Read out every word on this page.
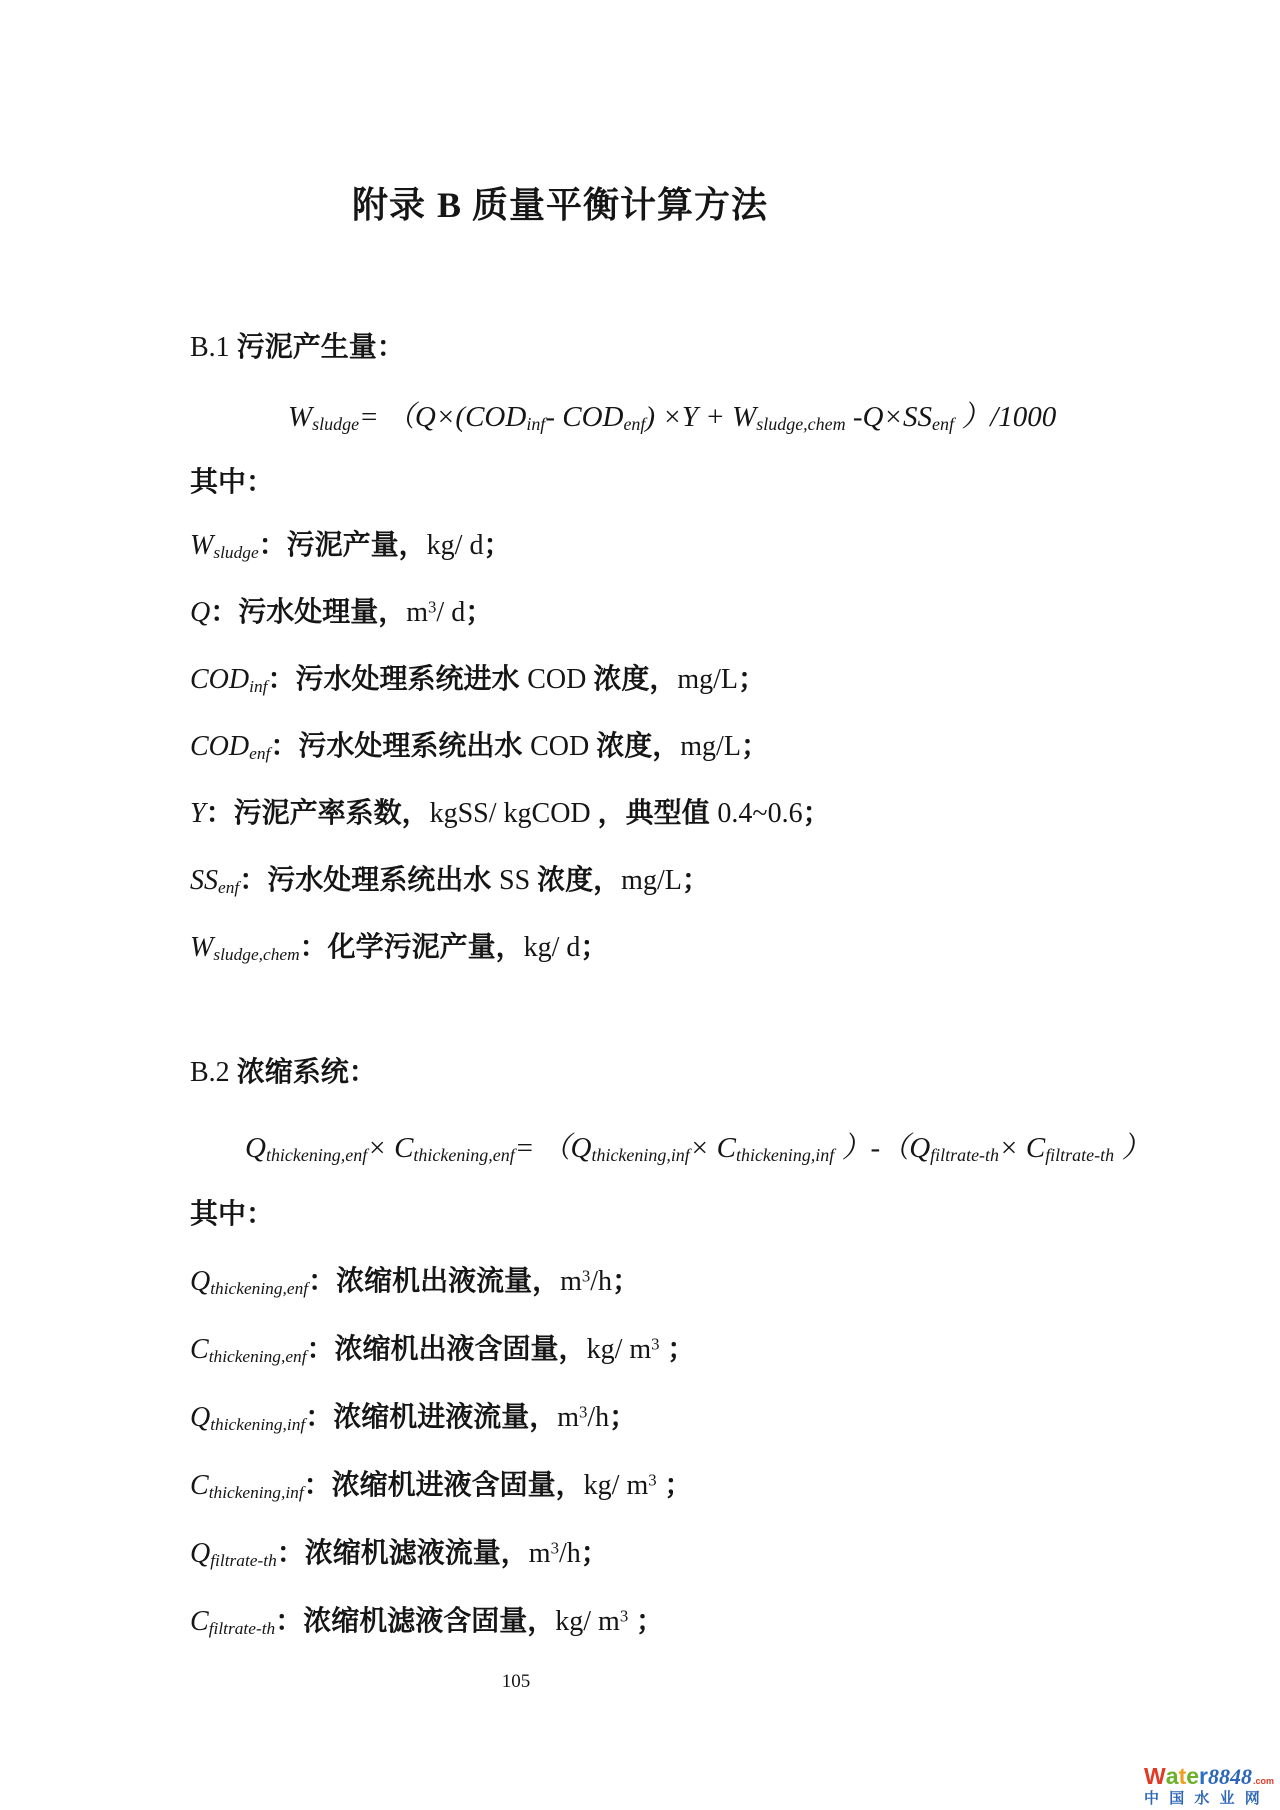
附录 B 质量平衡计算方法
B.1 污泥产生量：
$W_{sludge}= (Q\times(COD_{inf}-$ $COD_{enf}) \times Y + W_{sludge,chem}$ $-Q\times SS_{enf}$ ）/1000
其中：
$W_{sludge}$：污泥产量，kg/ d；
Q：污水处理量，$m^3/$ d；
$COD_{inf}$：污水处理系统进水 COD 浓度，mg/L；
$COD_{enf}$：污水处理系统出水 COD 浓度，mg/L；
Y：污泥产率系数，kgSS/ kgCOD ，典型值 0.4~0.6；
$SS_{enf}$：污水处理系统出水 SS 浓度，mg/L；
$W_{sludge,chem}$：化学污泥产量，kg/ d；
B.2 浓缩系统：
$Q_{thickening,enf}\times C_{thickening,enf}= (Q_{thickening,inf}\times C_{thickening,inf}$ ）$-(Q_{filtrate-th}\times C_{filtrate-th}$ ）
其中：
$Q_{thickening,enf}$：浓缩机出液流量，$m^3/h$；
$C_{thickening,enf}$：浓缩机出液含固量，kg/ $m^3$ ；
$Q_{thickening,inf}$：浓缩机进液流量，$m^3/h$；
$C_{thickening,inf}$：浓缩机进液含固量，kg/ $m^3$ ；
$Q_{filtrate-th}$：浓缩机滤液流量，$m^3/h$；
$C_{filtrate-th}$：浓缩机滤液含固量，kg/ $m^3$ ；
105
W a t e r 8848 .com
中 国 水 业 网
